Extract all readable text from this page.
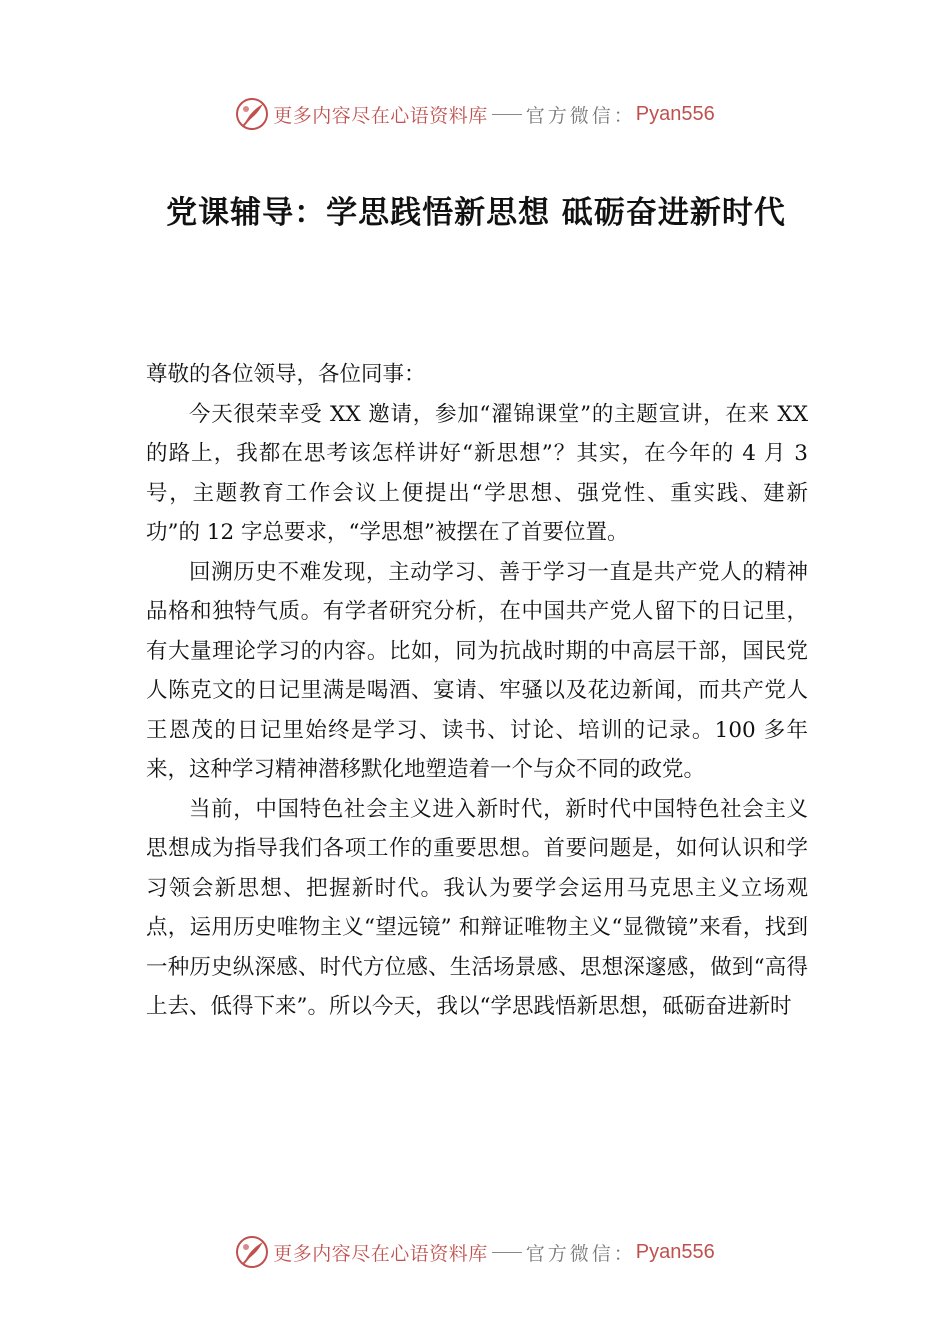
更多内容尽在心语资料库 官方微信： Pyan556
党课辅导：学思践悟新思想 砥砺奋进新时代

尊敬的各位领导，各位同事：

今天很荣幸受 XX 邀请，参加“濯锦课堂”的主题宣讲，在来 XX 的路上，我都在思考该怎样讲好“新思想”？其实，在今年的 4 月 3 号，主题教育工作会议上便提出“学思想、强党性、重实践、建新功”的 12 字总要求，“学思想”被摆在了首要位置。

回溯历史不难发现，主动学习、善于学习一直是共产党人的精神品格和独特气质。有学者研究分析，在中国共产党人留下的日记里，有大量理论学习的内容。比如，同为抗战时期的中高层干部，国民党人陈克文的日记里满是喝酒、宴请、牢骚以及花边新闻，而共产党人王恩茂的日记里始终是学习、读书、讨论、培训的记录。100 多年来，这种学习精神潜移默化地塑造着一个与众不同的政党。

当前，中国特色社会主义进入新时代，新时代中国特色社会主义思想成为指导我们各项工作的重要思想。首要问题是，如何认识和学习领会新思想、把握新时代。我认为要学会运用马克思主义立场观点，运用历史唯物主义“望远镜” 和辩证唯物主义“显微镜”来看，找到一种历史纵深感、时代方位感、生活场景感、思想深邃感，做到“高得上去、低得下来”。所以今天，我以“学思践悟新思想，砥砺奋进新时

更多内容尽在心语资料库 官方微信： Pyan556
